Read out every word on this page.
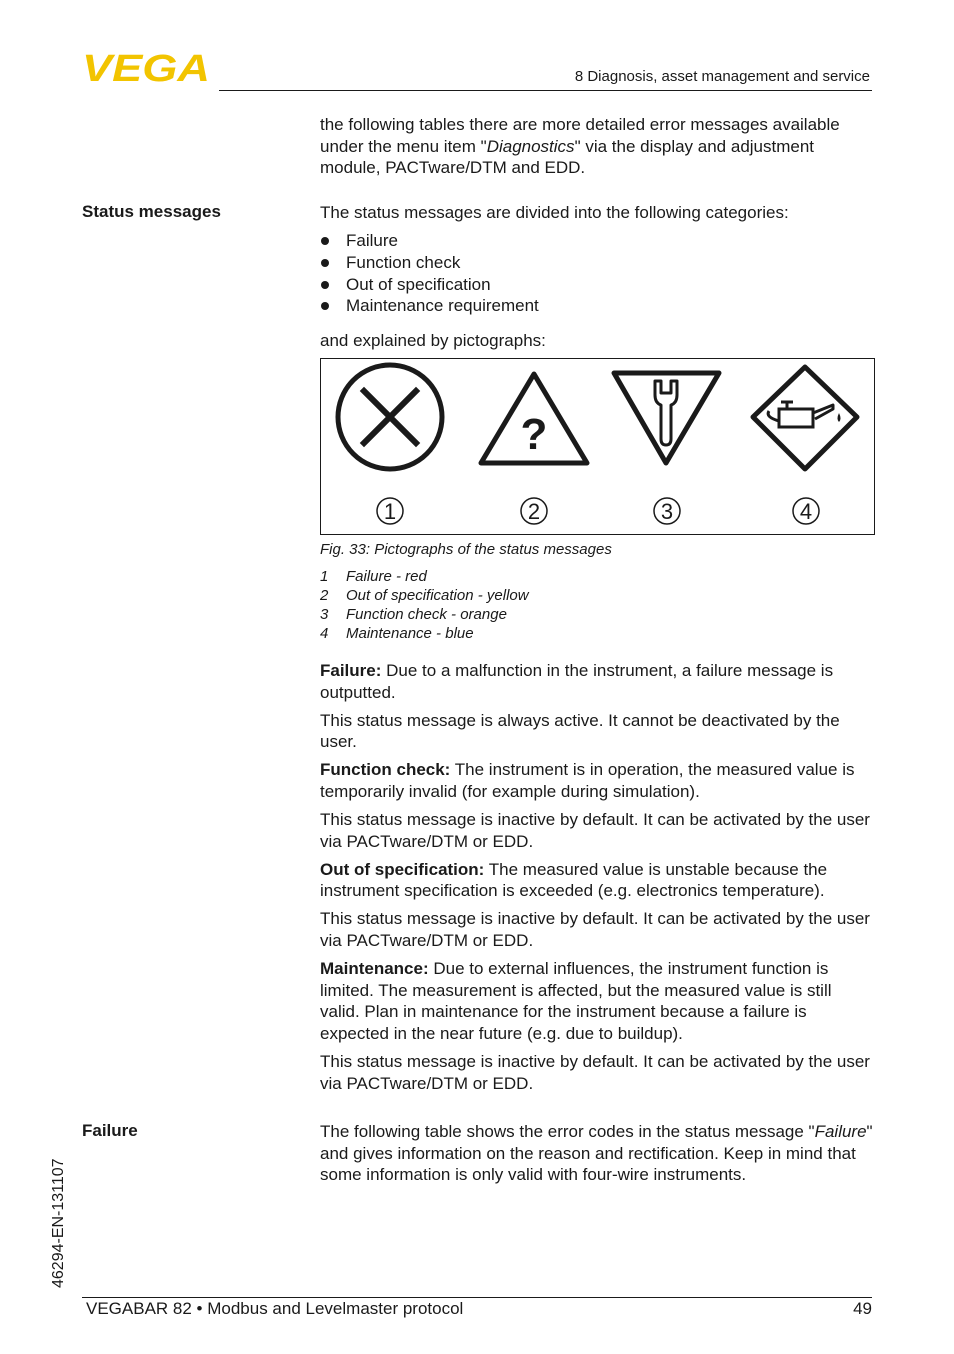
VEGA	8 Diagnosis, asset management and service

the following tables there are more detailed error messages available under the menu item "Diagnostics" via the display and adjustment module, PACTware/DTM and EDD.

Status messages	The status messages are divided into the following categories:

Failure
Function check
Out of specification
Maintenance requirement

and explained by pictographs:

?
1	2	3	4
Fig. 33: Pictographs of the status messages
1 Failure - red
2 Out of specification - yellow
3 Function check - orange
4 Maintenance - blue

Failure: Due to a malfunction in the instrument, a failure message is outputted.

This status message is always active. It cannot be deactivated by the user.

Function check: The instrument is in operation, the measured value is temporarily invalid (for example during simulation).

This status message is inactive by default. It can be activated by the user via PACTware/DTM or EDD.

Out of specification: The measured value is unstable because the instrument specification is exceeded (e.g. electronics temperature).

This status message is inactive by default. It can be activated by the user via PACTware/DTM or EDD.

Maintenance: Due to external influences, the instrument function is limited. The measurement is affected, but the measured value is still valid. Plan in maintenance for the instrument because a failure is expected in the near future (e.g. due to buildup).

This status message is inactive by default. It can be activated by the user via PACTware/DTM or EDD.

Failure	The following table shows the error codes in the status message "Failure" and gives information on the reason and rectification. Keep in mind that some information is only valid with four-wire instruments.

46294-EN-131107
VEGABAR 82 • Modbus and Levelmaster protocol	49
